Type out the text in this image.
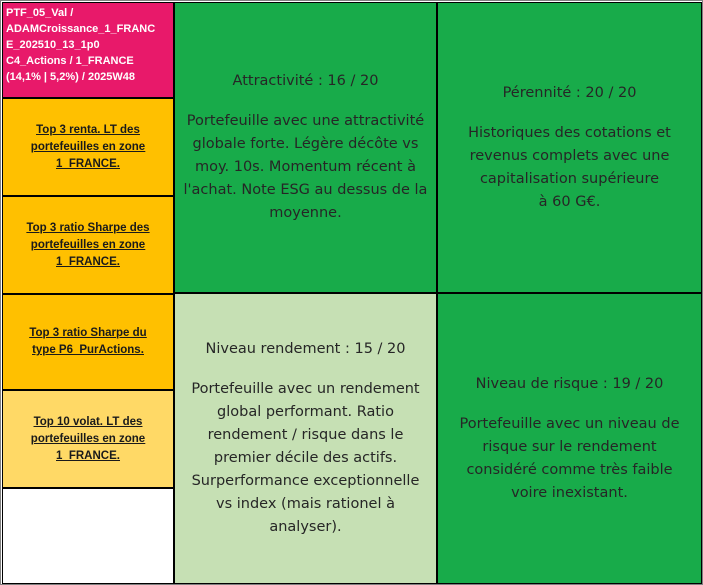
PTF_05_Val /
ADAMCroissance_1_FRANC
E_202510_13_1p0
C4_Actions / 1_FRANCE
(14,1% | 5,2%) / 2025W48
Top 3 renta. LT des
portefeuilles en zone
1_FRANCE.
Top 3 ratio Sharpe des
portefeuilles en zone
1_FRANCE.
Top 3 ratio Sharpe du
type P6_PurActions.
Top 10 volat. LT des
portefeuilles en zone
1_FRANCE.
Attractivité : 16 / 20
Portefeuille avec une attractivité
globale forte. Légère décôte vs
moy. 10s. Momentum récent à
l'achat. Note ESG au dessus de la
moyenne.
Pérennité : 20 / 20
Historiques des cotations et
revenus complets avec une
capitalisation supérieure
à 60 G€.
Niveau rendement : 15 / 20
Portefeuille avec un rendement
global performant. Ratio
rendement / risque dans le
premier décile des actifs.
Surperformance exceptionnelle
vs index (mais rationel à
analyser).
Niveau de risque : 19 / 20
Portefeuille avec un niveau de
risque sur le rendement
considéré comme très faible
voire inexistant.
